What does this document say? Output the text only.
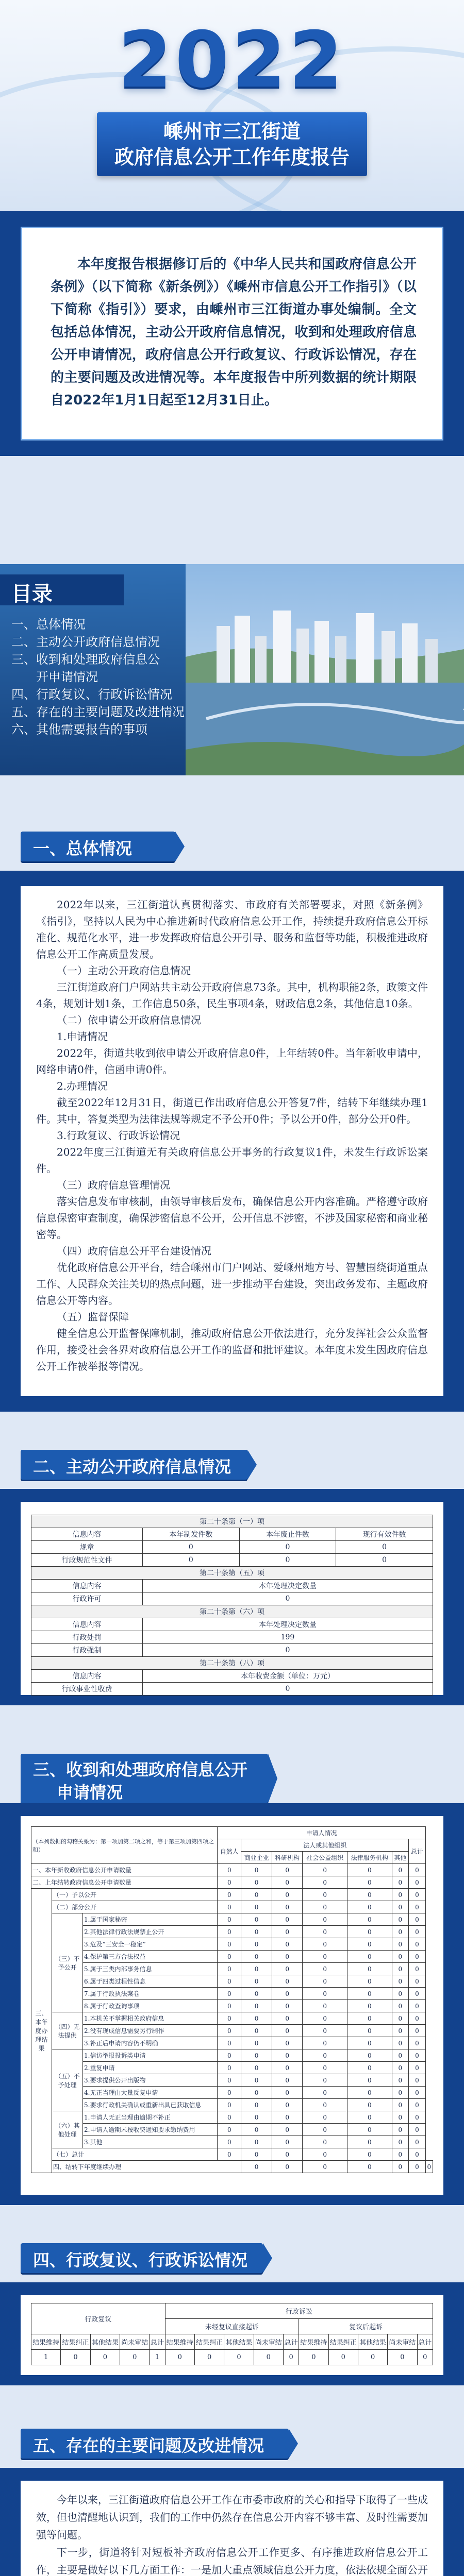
2022
嵊州市三江街道
政府信息公开工作年度报告
本年度报告根据修订后的《中华人民共和国政府信息公开条例》（以下简称《新条例》）《嵊州市信息公开工作指引》（以下简称《指引》）要求，由嵊州市三江街道办事处编制。全文包括总体情况，主动公开政府信息情况，收到和处理政府信息公开申请情况，政府信息公开行政复议、行政诉讼情况，存在的主要问题及改进情况等。本年度报告中所列数据的统计期限自2022年1月1日起至12月31日止。
目录
一、总体情况
二、主动公开政府信息情况
三、收到和处理政府信息公
开申请情况
四、行政复议、行政诉讼情况
五、存在的主要问题及改进情况
六、其他需要报告的事项
一、总体情况

2022年以来，三江街道认真贯彻落实、市政府有关部署要求，对照《新条例》《指引》，坚持以人民为中心推进新时代政府信息公开工作，持续提升政府信息公开标准化、规范化水平，进一步发挥政府信息公开引导、服务和监督等功能，积极推进政府信息公开工作高质量发展。

（一）主动公开政府信息情况

三江街道政府门户网站共主动公开政府信息73条。其中，机构职能2条，政策文件4条，规划计划1条，工作信息50条，民生事项4条，财政信息2条，其他信息10条。

（二）依申请公开政府信息情况

1.申请情况

2022年，街道共收到依申请公开政府信息0件，上年结转0件。当年新收申请中，网络申请0件，信函申请0件。

2.办理情况

截至2022年12月31日，街道已作出政府信息公开答复7件，结转下年继续办理1件。其中，答复类型为法律法规等规定不予公开0件；予以公开0件，部分公开0件。

3.行政复议、行政诉讼情况

2022年度三江街道无有关政府信息公开事务的行政复议1件，未发生行政诉讼案件。

（三）政府信息管理情况

落实信息发布审核制，由领导审核后发布，确保信息公开内容准确。严格遵守政府信息保密审查制度，确保涉密信息不公开，公开信息不涉密，不涉及国家秘密和商业秘密等。

（四）政府信息公开平台建设情况

优化政府信息公开平台，结合嵊州市门户网站、爱嵊州地方号、智慧围绕街道重点工作、人民群众关注关切的热点问题，进一步推动平台建设，突出政务发布、主题政府信息公开等内容。

（五）监督保障

健全信息公开监督保障机制，推动政府信息公开依法进行，充分发挥社会公众监督作用，接受社会各界对政府信息公开工作的监督和批评建议。本年度未发生因政府信息公开工作被举报等情况。

二、主动公开政府信息情况
第二十条第（一）项			
信息内容	本年制发件数	本年废止件数	现行有效件数
规章	0	0	0
行政规范性文件	0	0	0
第二十条第（五）项			
信息内容	本年处理决定数量		
行政许可	0		
第二十条第（六）项			
信息内容	本年处理决定数量		
行政处罚	199		
行政强制	0		
第二十条第（八）项			
信息内容	本年收费金额（单位：万元）		
行政事业性收费	0		
三、收到和处理政府信息公开
申请情况
（本列数据的勾稽关系为：第一项加第二项之和，等于第三项加第四项之和）			申请人情况							
			自然人	法人或其他组织					总计	
				商业企业	科研机构	社会公益组织	法律服务机构	其他		
一、本年新收政府信息公开申请数量			0	0	0	0	0	0	0	
二、上年结转政府信息公开申请数量			0	0	0	0	0	0	0	
三、本年度办理结果	（一）予以公开		0	0	0	0	0	0	0	
	（二）部分公开		0	0	0	0	0	0	0	
	（三）不予公开	1.属于国家秘密	0	0	0	0	0	0	0	
		2.其他法律行政法规禁止公开	0	0	0	0	0	0	0	
		3.危及“三安全一稳定”	0	0	0	0	0	0	0	
		4.保护第三方合法权益	0	0	0	0	0	0	0	
		5.属于三类内部事务信息	0	0	0	0	0	0	0	
		6.属于四类过程性信息	0	0	0	0	0	0	0	
		7.属于行政执法案卷	0	0	0	0	0	0	0	
		8.属于行政查询事项	0	0	0	0	0	0	0	
	（四）无法提供	1.本机关不掌握相关政府信息	0	0	0	0	0	0	0	
		2.没有现成信息需要另行制作	0	0	0	0	0	0	0	
		3.补正后申请内容仍不明确	0	0	0	0	0	0	0	
	（五）不予处理	1.信访举报投诉类申请	0	0	0	0	0	0	0	
		2.重复申请	0	0	0	0	0	0	0	
		3.要求提供公开出版物	0	0	0	0	0	0	0	
		4.无正当理由大量反复申请	0	0	0	0	0	0	0	
		5.要求行政机关确认或重新出具已获取信息	0	0	0	0	0	0	0	
	（六）其他处理	1.申请人无正当理由逾期不补正	0	0	0	0	0	0	0	
		2.申请人逾期未按收费通知要求缴纳费用	0	0	0	0	0	0	0	
		3.其他	0	0	0	0	0	0	0	
	（七）总计		0	0	0	0	0	0	0	
	四、结转下年度继续办理			0	0	0	0	0	0	0
四、行政复议、行政诉讼情况
行政复议					行政诉讼									
					未经复议直接起诉					复议后起诉				
结果维持	结果纠正	其他结果	尚未审结	总计	结果维持	结果纠正	其他结果	尚未审结	总计	结果维持	结果纠正	其他结果	尚未审结	总计
1	0	0	0	1	0	0	0	0	0	0	0	0	0	0
五、存在的主要问题及改进情况

今年以来，三江街道政府信息公开工作在市委市政府的关心和指导下取得了一些成效，但也清醒地认识到，我们的工作中仍然存在信息公开内容不够丰富、及时性需要加强等问题。

下一步，街道将针对短板补齐政府信息公开工作更多、有序推进政府信息公开工作，主要是做好以下几方面工作：一是加大重点领域信息公开力度，依法依规全面公开
